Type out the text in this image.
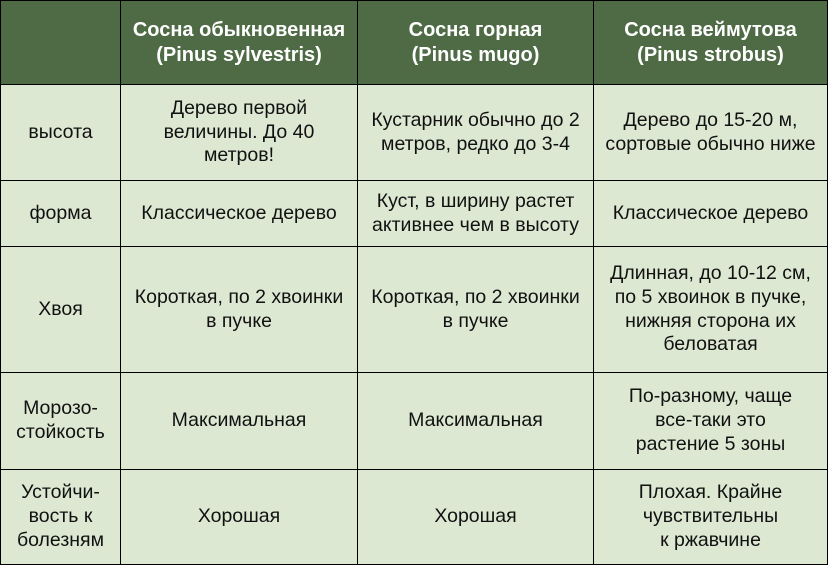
	Сосна обыкновенная
(Pinus sylvestris)	Сосна горная
(Pinus mugo)	Сосна веймутова
(Pinus strobus)

высота	Дерево первой
величины. До 40
метров!	Кустарник обычно до 2
метров, редко до 3-4	Дерево до 15-20 м,
сортовые обычно ниже

форма	Классическое дерево	Куст, в ширину растет
активнее чем в высоту	Классическое дерево

Хвоя	Короткая, по 2 хвоинки
в пучке	Короткая, по 2 хвоинки
в пучке	Длинная, до 10-12 см,
по 5 хвоинок в пучке,
нижняя сторона их
беловатая

Морозо-
стойкость	Максимальная	Максимальная	По-разному, чаще
все-таки это
растение 5 зоны

Устойчи-
вость к
болезням	Хорошая	Хорошая	Плохая. Крайне
чувствительны
к ржавчине
